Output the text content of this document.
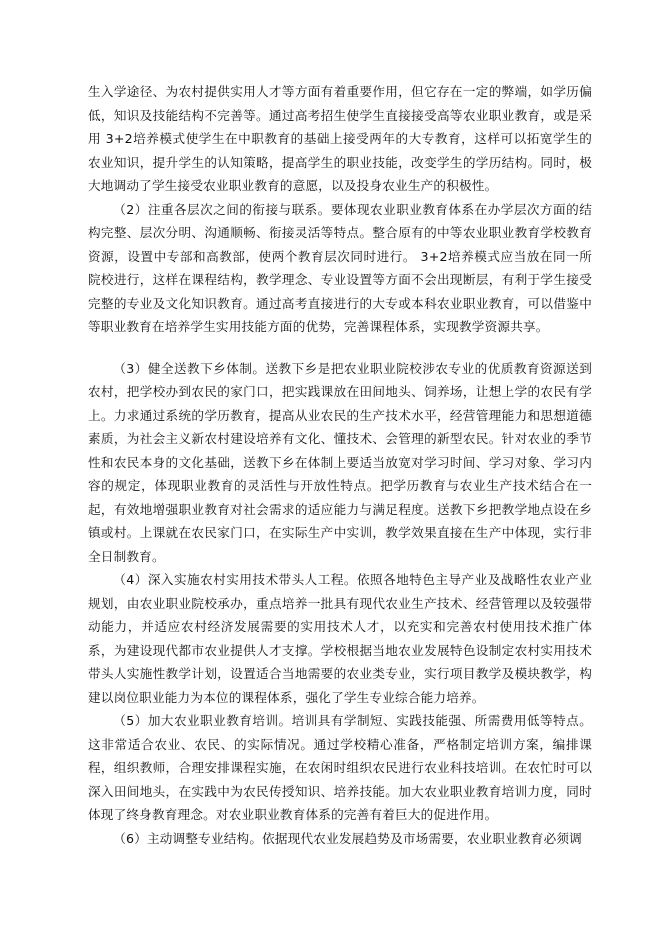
生入学途径、为农村提供实用人才等方面有着重要作用，但它存在一定的弊端，如学历偏低，知识及技能结构不完善等。通过高考招生使学生直接接受高等农业职业教育，或是采用 3+2培养模式使学生在中职教育的基础上接受两年的大专教育，这样可以拓宽学生的农业知识，提升学生的认知策略，提高学生的职业技能，改变学生的学历结构。同时，极大地调动了学生接受农业职业教育的意愿，以及投身农业生产的积极性。

（2）注重各层次之间的衔接与联系。要体现农业职业教育体系在办学层次方面的结构完整、层次分明、沟通顺畅、衔接灵活等特点。整合原有的中等农业职业教育学校教育资源，设置中专部和高教部，使两个教育层次同时进行。 3+2培养模式应当放在同一所院校进行，这样在课程结构，教学理念、专业设置等方面不会出现断层，有利于学生接受完整的专业及文化知识教育。通过高考直接进行的大专或本科农业职业教育，可以借鉴中等职业教育在培养学生实用技能方面的优势，完善课程体系，实现教学资源共享。

（3）健全送教下乡体制。送教下乡是把农业职业院校涉农专业的优质教育资源送到农村，把学校办到农民的家门口，把实践课放在田间地头、饲养场，让想上学的农民有学上。力求通过系统的学历教育，提高从业农民的生产技术水平，经营管理能力和思想道德素质，为社会主义新农村建设培养有文化、懂技术、会管理的新型农民。针对农业的季节性和农民本身的文化基础，送教下乡在体制上要适当放宽对学习时间、学习对象、学习内容的规定，体现职业教育的灵活性与开放性特点。把学历教育与农业生产技术结合在一起，有效地增强职业教育对社会需求的适应能力与满足程度。送教下乡把教学地点设在乡镇或村。上课就在农民家门口，在实际生产中实训，教学效果直接在生产中体现，实行非全日制教育。

（4）深入实施农村实用技术带头人工程。依照各地特色主导产业及战略性农业产业规划，由农业职业院校承办，重点培养一批具有现代农业生产技术、经营管理以及较强带动能力，并适应农村经济发展需要的实用技术人才，以充实和完善农村使用技术推广体系，为建设现代都市农业提供人才支撑。学校根据当地农业发展特色设制定农村实用技术带头人实施性教学计划，设置适合当地需要的农业类专业，实行项目教学及模块教学，构建以岗位职业能力为本位的课程体系，强化了学生专业综合能力培养。

（5）加大农业职业教育培训。培训具有学制短、实践技能强、所需费用低等特点。这非常适合农业、农民、的实际情况。通过学校精心准备，严格制定培训方案，编排课程，组织教师，合理安排课程实施，在农闲时组织农民进行农业科技培训。在农忙时可以深入田间地头，在实践中为农民传授知识、培养技能。加大农业职业教育培训力度，同时体现了终身教育理念。对农业职业教育体系的完善有着巨大的促进作用。

（6）主动调整专业结构。依据现代农业发展趋势及市场需要，农业职业教育必须调
